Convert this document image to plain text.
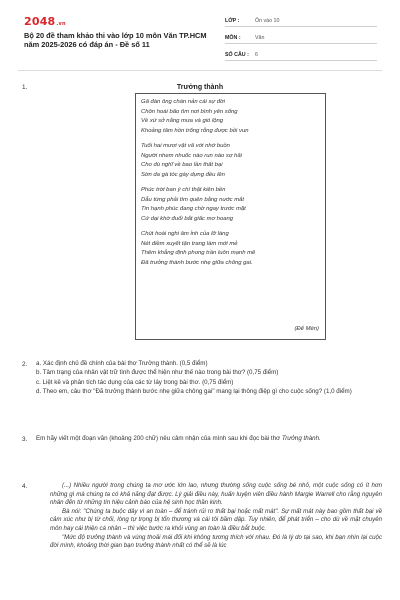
2048.vn
Bộ 20 đề tham khảo thi vào lớp 10 môn Văn TP.HCM năm 2025-2026 có đáp án - Đề số 11
LỚP :	Ôn vào 10
MÔN :	Văn
SỐ CÂU :	6
1.	Trưởng thành
Gã đàn ông chán nản cái sự đời
Chôn hoài bão tìm nơi bình yên sống
Về xứ sở nắng mưa và gió lộng
Khoảng tâm hồn trống rỗng được bồi vun
Tuổi hai mươi vật vã với nhớ buồn
Người nhem nhuốc nào run nào sợ hãi
Cho dù nghĩ về bao lần thất bại
Sờn da gà tóc gáy dựng đều lên
Phúc trời ban ý chí thật kiên bền
Dẫu từng phải tìm quên bằng nước mắt
Tin hạnh phúc đang chờ ngay trước mặt
Cứ dại khờ đuổi bắt giấc mơ hoang
Chút hoài nghi âm ỉnh của lỡ làng
Nét điềm xuyết tận trang làm mới mẻ
Thêm khẳng định phong trần luôn mạnh mẽ
Đã trưởng thành bước nhẹ giữa chông gai.
(Đế Mèn)
2. a. Xác định chủ đề chính của bài thơ Trưởng thành. (0,5 điểm)
b. Tâm trạng của nhân vật trữ tình được thể hiện như thế nào trong bài thơ? (0,75 điểm)
c. Liệt kê và phân tích tác dụng của các từ láy trong bài thơ. (0,75 điểm)
d. Theo em, câu thơ "Đã trưởng thành bước nhẹ giữa chông gai" mang lại thông điệp gì cho cuộc sống? (1,0 điểm)
3. Em hãy viết một đoạn văn (khoảng 200 chữ) nêu cảm nhận của mình sau khi đọc bài thơ Trưởng thành.
4.	(...) Nhiều người trong chúng ta mơ ước lớn lao, nhưng thường sống cuộc sống bé nhỏ, một cuộc sống có ít hơn những gì mà chúng ta có khả năng đạt được. Lý giải điều này, huấn luyện viên điều hành Margie Warrell cho rằng nguyên nhân đến từ những tín hiệu cảnh báo của hệ sinh học thần kinh.

Bà nói: "Chúng ta buộc dây vì an toàn – để tránh rủi ro thất bại hoặc mất mát". Sự mất mát này bao gồm thất bại về cảm xúc như bị từ chối, lòng tự trọng bị tổn thương và cái tôi bầm dập. Tuy nhiên, để phát triển – cho dù về mặt chuyên môn hay cái thiện cá nhân – thì việc bước ra khỏi vùng an toàn là điều bắt buộc.

"Mức độ trưởng thành và vùng thoải mái đối khi không tương thích với nhau. Đó là lý do tại sao, khi bạn nhìn lại cuộc đời mình, khoảng thời gian bạn trưởng thành nhất có thể sẽ là lúc
